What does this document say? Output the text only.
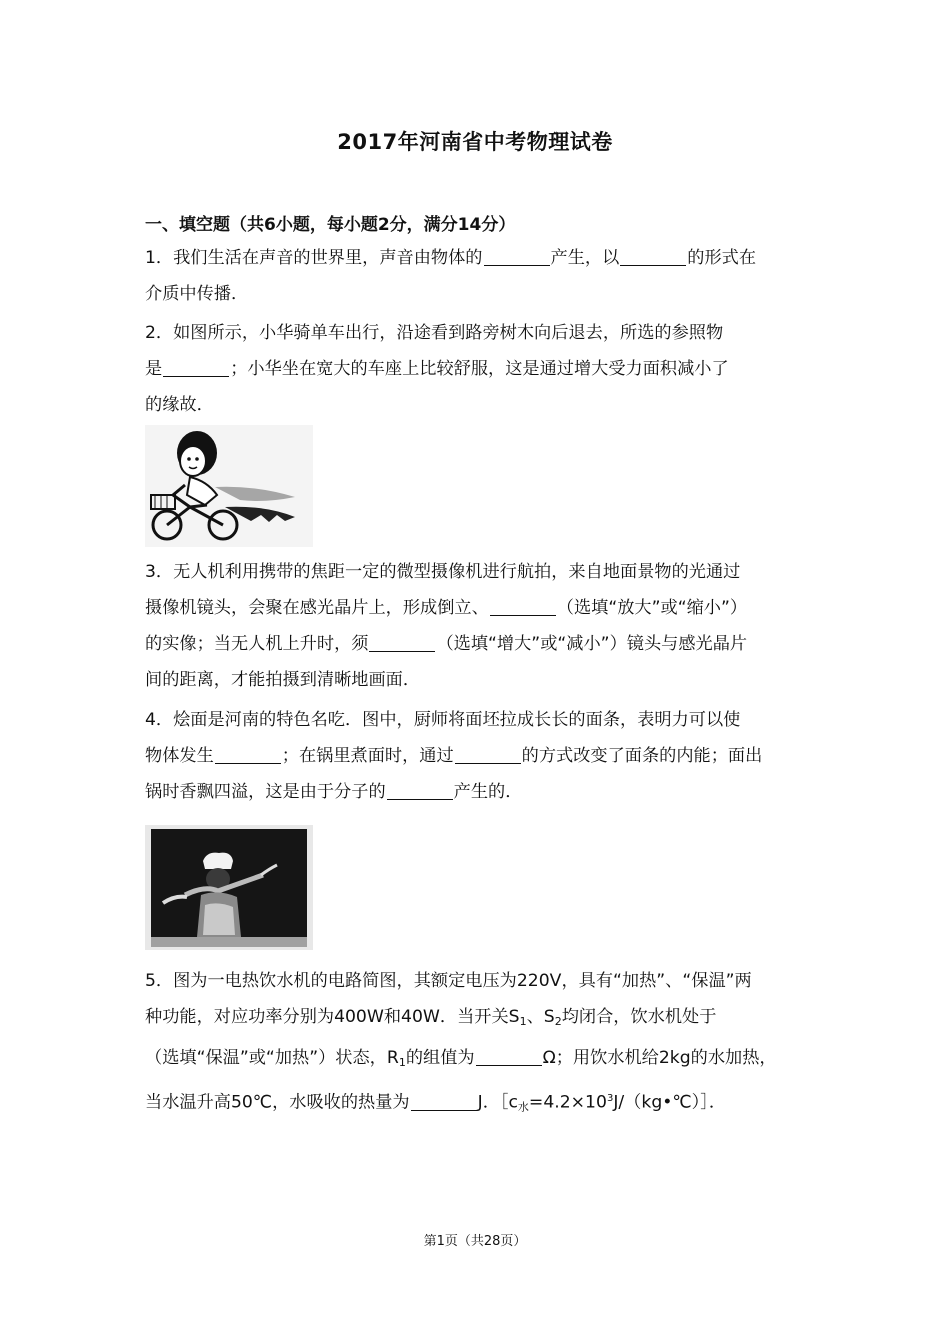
2017年河南省中考物理试卷
一、填空题（共6小题，每小题2分，满分14分）
1．我们生活在声音的世界里，声音由物体的	产生，以	的形式在
介质中传播．
2．如图所示，小华骑单车出行，沿途看到路旁树木向后退去，所选的参照物
是	；小华坐在宽大的车座上比较舒服，这是通过增大受力面积减小了
的缘故．
3．无人机利用携带的焦距一定的微型摄像机进行航拍，来自地面景物的光通过
摄像机镜头，会聚在感光晶片上，形成倒立、	（选填“放大”或“缩小”）
的实像；当无人机上升时，须	（选填“增大”或“减小”）镜头与感光晶片
间的距离，才能拍摄到清晰地画面．
4．烩面是河南的特色名吃．图中，厨师将面坯拉成长长的面条，表明力可以使
物体发生	；在锅里煮面时，通过	的方式改变了面条的内能；面出
锅时香飘四溢，这是由于分子的	产生的．
5．图为一电热饮水机的电路简图，其额定电压为220V，具有“加热”、“保温”两
种功能，对应功率分别为400W和40W．当开关$S_1$、$S_2$均闭合，饮水机处于
（选填“保温”或“加热”）状态，$R_1$的组值为	Ω；用饮水机给2kg的水加热，
当水温升高50℃，水吸收的热量为	J．$[c_水=4.2\times 10^3J/(kg•℃)]$．
第1页（共28页）
